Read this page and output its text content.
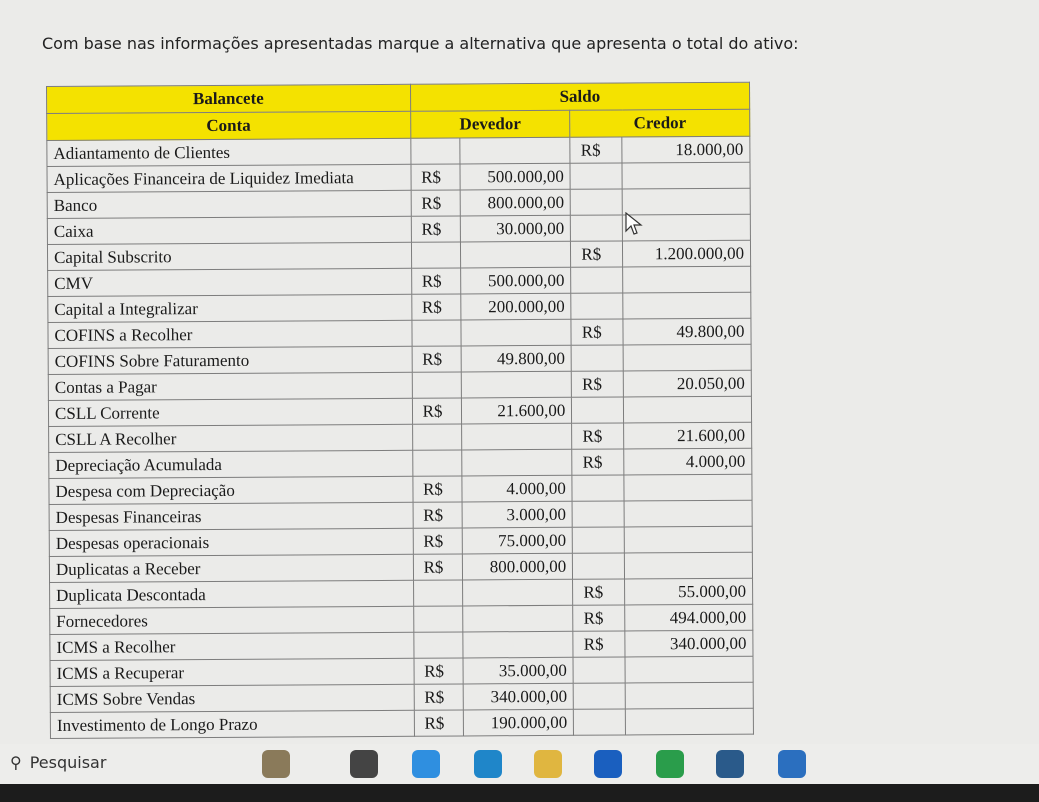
Com base nas informações apresentadas marque a alternativa que apresenta o total do ativo:
Balancete	Saldo			
Conta	Devedor		Credor	
Adiantamento de Clientes			R$	18.000,00
Aplicações Financeira de Liquidez Imediata	R$	500.000,00		
Banco	R$	800.000,00		
Caixa	R$	30.000,00		
Capital Subscrito			R$	1.200.000,00
CMV	R$	500.000,00		
Capital a Integralizar	R$	200.000,00		
COFINS a Recolher			R$	49.800,00
COFINS Sobre Faturamento	R$	49.800,00		
Contas a Pagar			R$	20.050,00
CSLL Corrente	R$	21.600,00		
CSLL A Recolher			R$	21.600,00
Depreciação Acumulada			R$	4.000,00
Despesa com Depreciação	R$	4.000,00		
Despesas Financeiras	R$	3.000,00		
Despesas operacionais	R$	75.000,00		
Duplicatas a Receber	R$	800.000,00		
Duplicata Descontada			R$	55.000,00
Fornecedores			R$	494.000,00
ICMS a Recolher			R$	340.000,00
ICMS a Recuperar	R$	35.000,00		
ICMS Sobre Vendas	R$	340.000,00		
Investimento de Longo Prazo	R$	190.000,00		
⚲ Pesquisar
